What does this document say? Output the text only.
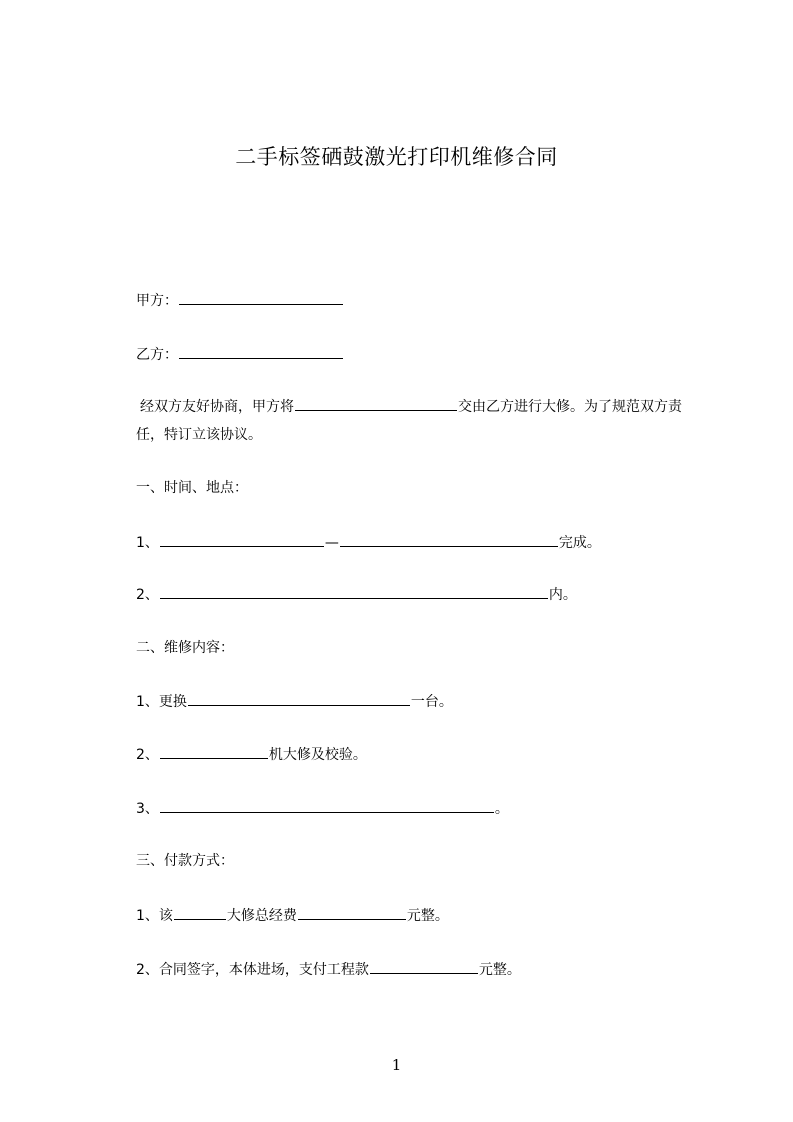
二手标签硒鼓激光打印机维修合同
甲方：
乙方：
经双方友好协商，甲方将	交由乙方进行大修。为了规范双方责任，特订立该协议。
一、时间、地点：
1、	—	完成。
2、	内。
二、维修内容：
1、更换	一台。
2、	机大修及校验。
3、	。
三、付款方式：
1、该	大修总经费	元整。
2、合同签字，本体进场，支付工程款	元整。
1
